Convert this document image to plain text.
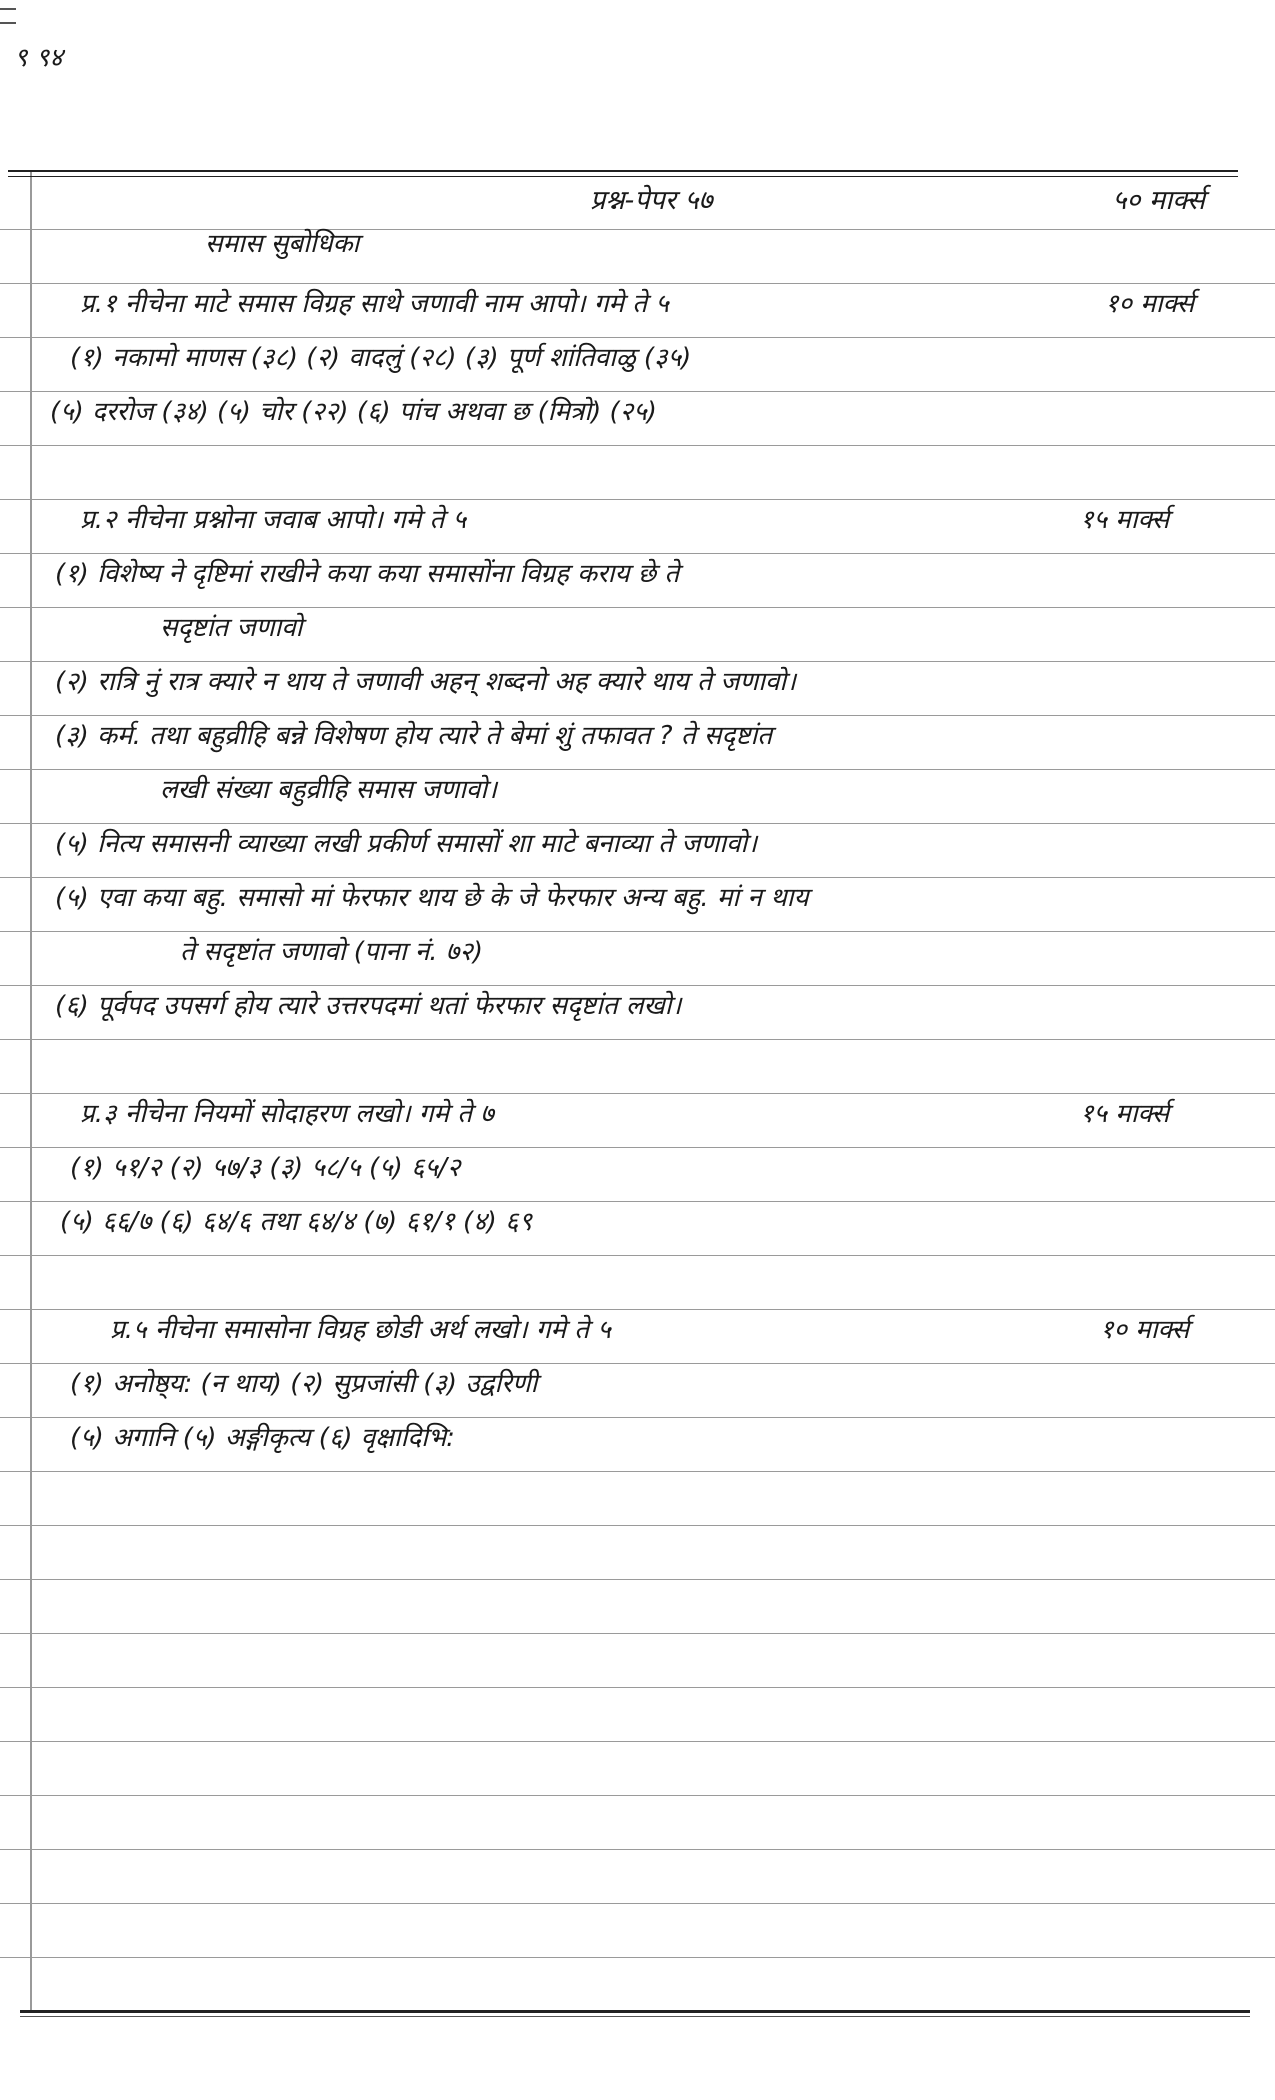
९ ९४
प्रश्न-पेपर ५७	५० मार्क्स
समास सुबोधिका
प्र.१ नीचेना माटे समास विग्रह साथे जणावी नाम आपो। गमे ते ५	१० मार्क्स
(१) नकामो माणस (३८) (२) वादलुं (२८) (३) पूर्ण शांतिवाळु (३५)
(५) दररोज (३४) (५) चोर (२२) (६) पांच अथवा छ (मित्रो) (२५)
प्र.२ नीचेना प्रश्नोना जवाब आपो। गमे ते ५	१५ मार्क्स
(१) विशेष्य ने दृष्टिमां राखीने कया कया समासोंना विग्रह कराय छे ते
सदृष्टांत जणावो
(२) रात्रि नुं रात्र क्यारे न थाय ते जणावी अहन् शब्दनो अह क्यारे थाय ते जणावो।
(३) कर्म. तथा बहुव्रीहि बन्ने विशेषण होय त्यारे ते बेमां शुं तफावत ? ते सदृष्टांत
लखी संख्या बहुव्रीहि समास जणावो।
(५) नित्य समासनी व्याख्या लखी प्रकीर्ण समासों शा माटे बनाव्या ते जणावो।
(५) एवा कया बहु. समासो मां फेरफार थाय छे के जे फेरफार अन्य बहु. मां न थाय
ते सदृष्टांत जणावो (पाना नं. ७२)
(६) पूर्वपद उपसर्ग होय त्यारे उत्तरपदमां थतां फेरफार सदृष्टांत लखो।
प्र.३ नीचेना नियमों सोदाहरण लखो। गमे ते ७	१५ मार्क्स
(१) ५१/२ (२) ५७/३ (३) ५८/५ (५) ६५/२
(५) ६६/७ (६) ६४/६ तथा ६४/४ (७) ६१/१ (४) ६९
प्र.५ नीचेना समासोना विग्रह छोडी अर्थ लखो। गमे ते ५	१० मार्क्स
(१) अनोष्ठ्य: (न थाय) (२) सुप्रजांसी (३) उद्वरिणी
(५) अगानि (५) अङ्गीकृत्य (६) वृक्षादिभि:
